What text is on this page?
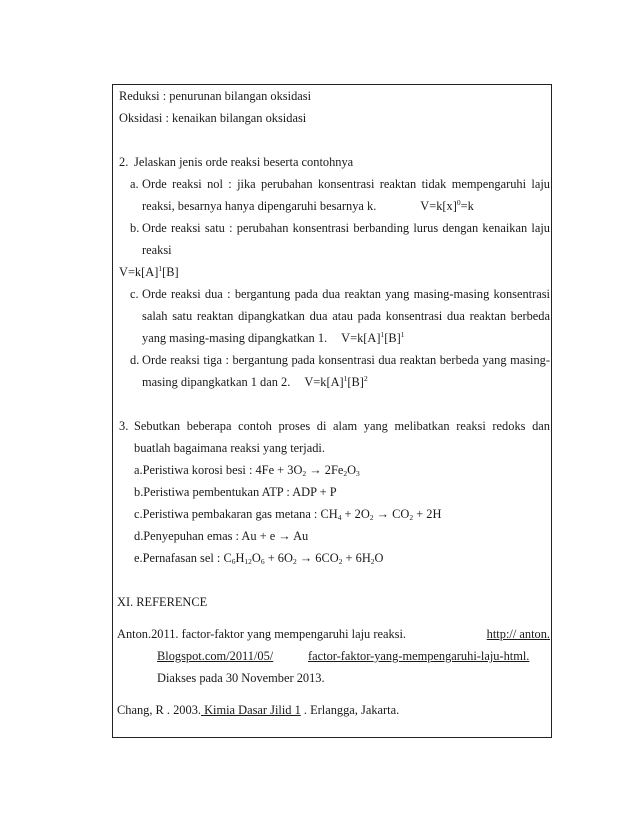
Reduksi : penurunan bilangan oksidasi
Oksidasi : kenaikan bilangan oksidasi
2. Jelaskan jenis orde reaksi beserta contohnya
a. Orde reaksi nol : jika perubahan konsentrasi reaktan tidak mempengaruhi laju
reaksi, besarnya hanya dipengaruhi besarnya k.	$V=k[x]^0=k$
b. Orde reaksi satu : perubahan konsentrasi berbanding lurus dengan kenaikan laju
reaksi
$V=k[A]^1[B]$
c. Orde reaksi dua : bergantung pada dua reaktan yang masing-masing konsentrasi
salah satu reaktan dipangkatkan dua atau pada konsentrasi dua reaktan berbeda
yang masing-masing dipangkatkan 1. $V=k[A]^1[B]^1$
d. Orde reaksi tiga : bergantung pada konsentrasi dua reaktan berbeda yang masing-
masing dipangkatkan 1 dan 2. $V=k[A]^1[B]^2$
3. Sebutkan beberapa contoh proses di alam yang melibatkan reaksi redoks dan
buatlah bagaimana reaksi yang terjadi.
a.Peristiwa korosi besi : $4Fe + 3O_2 \to 2Fe_2O_3$
b.Peristiwa pembentukan ATP : ADP + P
c.Peristiwa pembakaran gas metana : $CH_4 + 2O_2 \to CO_2 + 2H$
d.Penyepuhan emas : Au + e → Au
e.Pernafasan sel : $C_6H_{12}O_6 + 6O_2 \to 6CO_2 + 6H_2O$
XI. REFERENCE
Anton.2011. factor-faktor yang mempengaruhi laju reaksi.	http:// anton.
Blogspot.com/2011/05/	factor-faktor-yang-mempengaruhi-laju-html.
Diakses pada 30 November 2013.
Chang, R . 2003. Kimia Dasar Jilid 1 . Erlangga, Jakarta.
